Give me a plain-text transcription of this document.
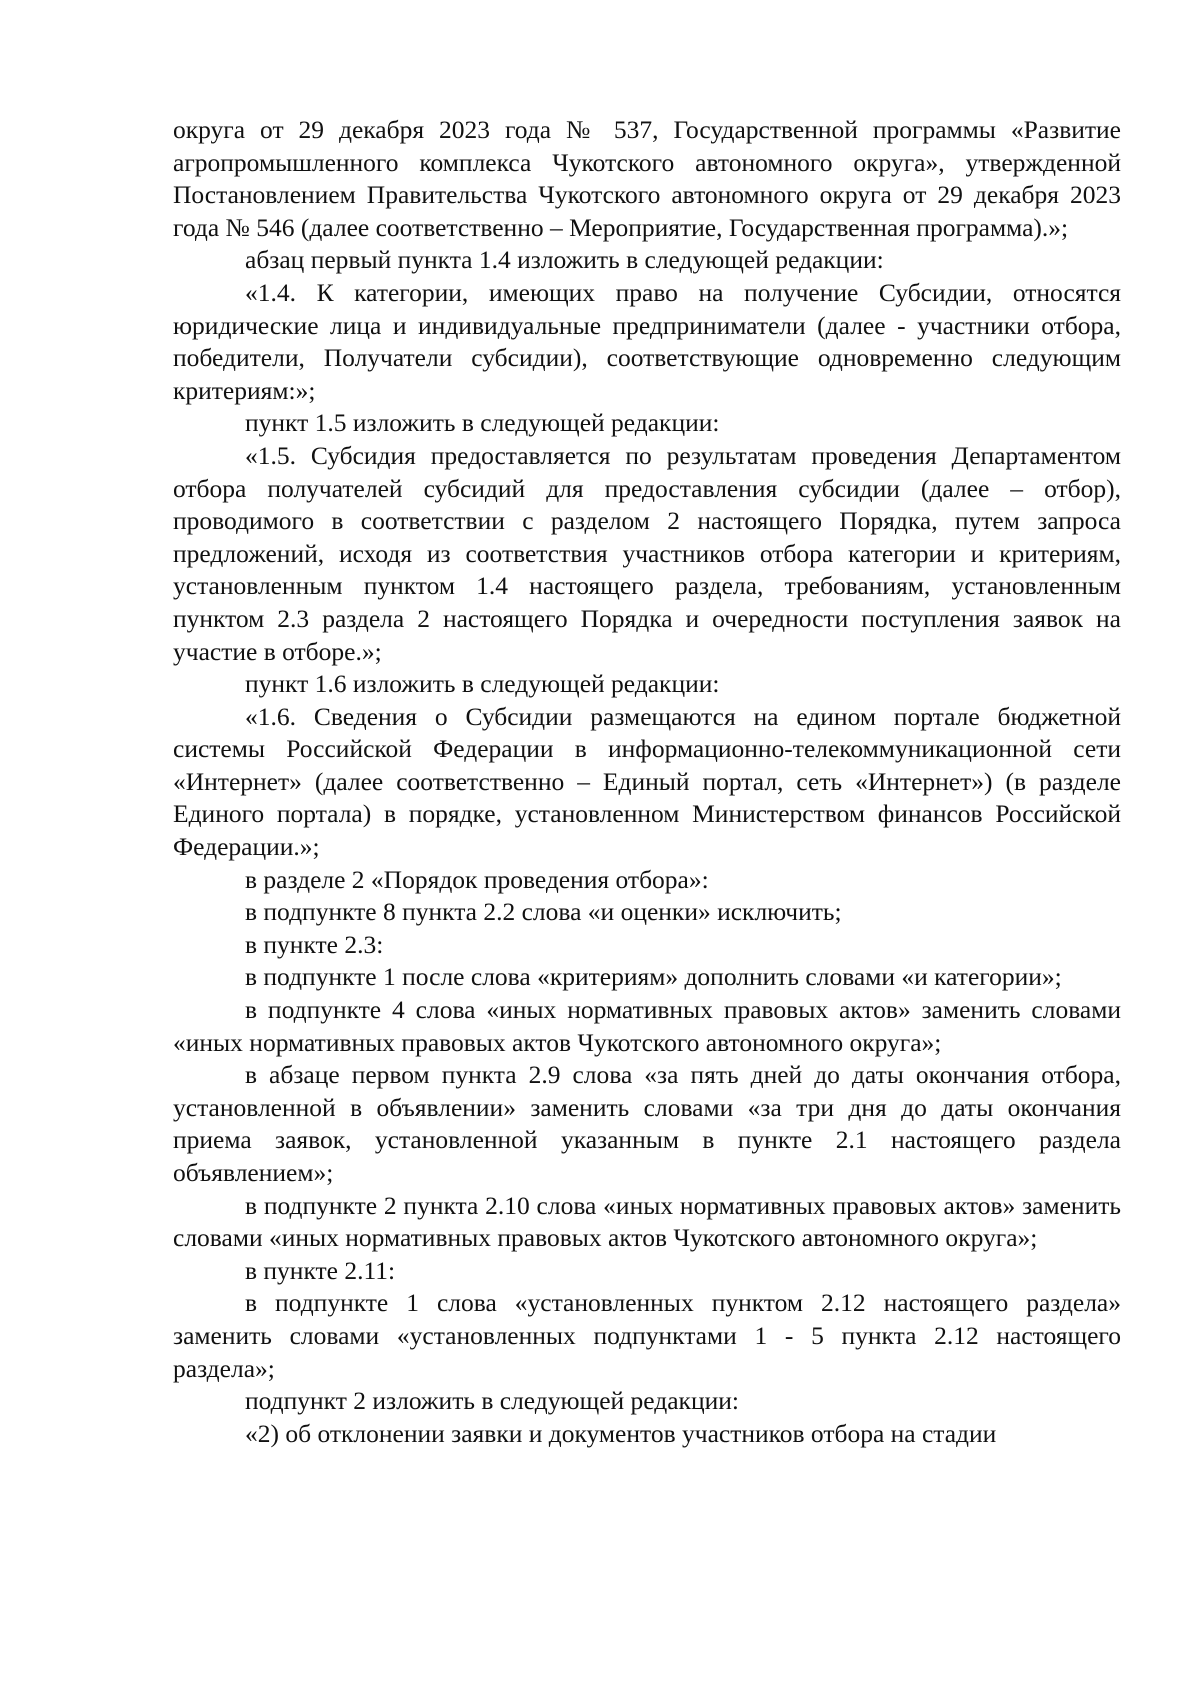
округа от 29 декабря 2023 года № 537, Государственной программы «Развитие агропромышленного комплекса Чукотского автономного округа», утвержденной Постановлением Правительства Чукотского автономного округа от 29 декабря 2023 года № 546 (далее соответственно – Мероприятие, Государственная программа).»;

абзац первый пункта 1.4 изложить в следующей редакции:

«1.4. К категории, имеющих право на получение Субсидии, относятся юридические лица и индивидуальные предприниматели (далее - участники отбора, победители, Получатели субсидии), соответствующие одновременно следующим критериям:»;

пункт 1.5 изложить в следующей редакции:

«1.5. Субсидия предоставляется по результатам проведения Департаментом отбора получателей субсидий для предоставления субсидии (далее – отбор), проводимого в соответствии с разделом 2 настоящего Порядка, путем запроса предложений, исходя из соответствия участников отбора категории и критериям, установленным пунктом 1.4 настоящего раздела, требованиям, установленным пунктом 2.3 раздела 2 настоящего Порядка и очередности поступления заявок на участие в отборе.»;

пункт 1.6 изложить в следующей редакции:

«1.6. Сведения о Субсидии размещаются на едином портале бюджетной системы Российской Федерации в информационно-телекоммуникационной сети «Интернет» (далее соответственно – Единый портал, сеть «Интернет») (в разделе Единого портала) в порядке, установленном Министерством финансов Российской Федерации.»;

в разделе 2 «Порядок проведения отбора»:

в подпункте 8 пункта 2.2 слова «и оценки» исключить;

в пункте 2.3:

в подпункте 1 после слова «критериям» дополнить словами «и категории»;

в подпункте 4 слова «иных нормативных правовых актов» заменить словами «иных нормативных правовых актов Чукотского автономного округа»;

в абзаце первом пункта 2.9 слова «за пять дней до даты окончания отбора, установленной в объявлении» заменить словами «за три дня до даты окончания приема заявок, установленной указанным в пункте 2.1 настоящего раздела объявлением»;

в подпункте 2 пункта 2.10 слова «иных нормативных правовых актов» заменить словами «иных нормативных правовых актов Чукотского автономного округа»;

в пункте 2.11:

в подпункте 1 слова «установленных пунктом 2.12 настоящего раздела» заменить словами «установленных подпунктами 1 - 5 пункта 2.12 настоящего раздела»;

подпункт 2 изложить в следующей редакции:

«2) об отклонении заявки и документов участников отбора на стадии
